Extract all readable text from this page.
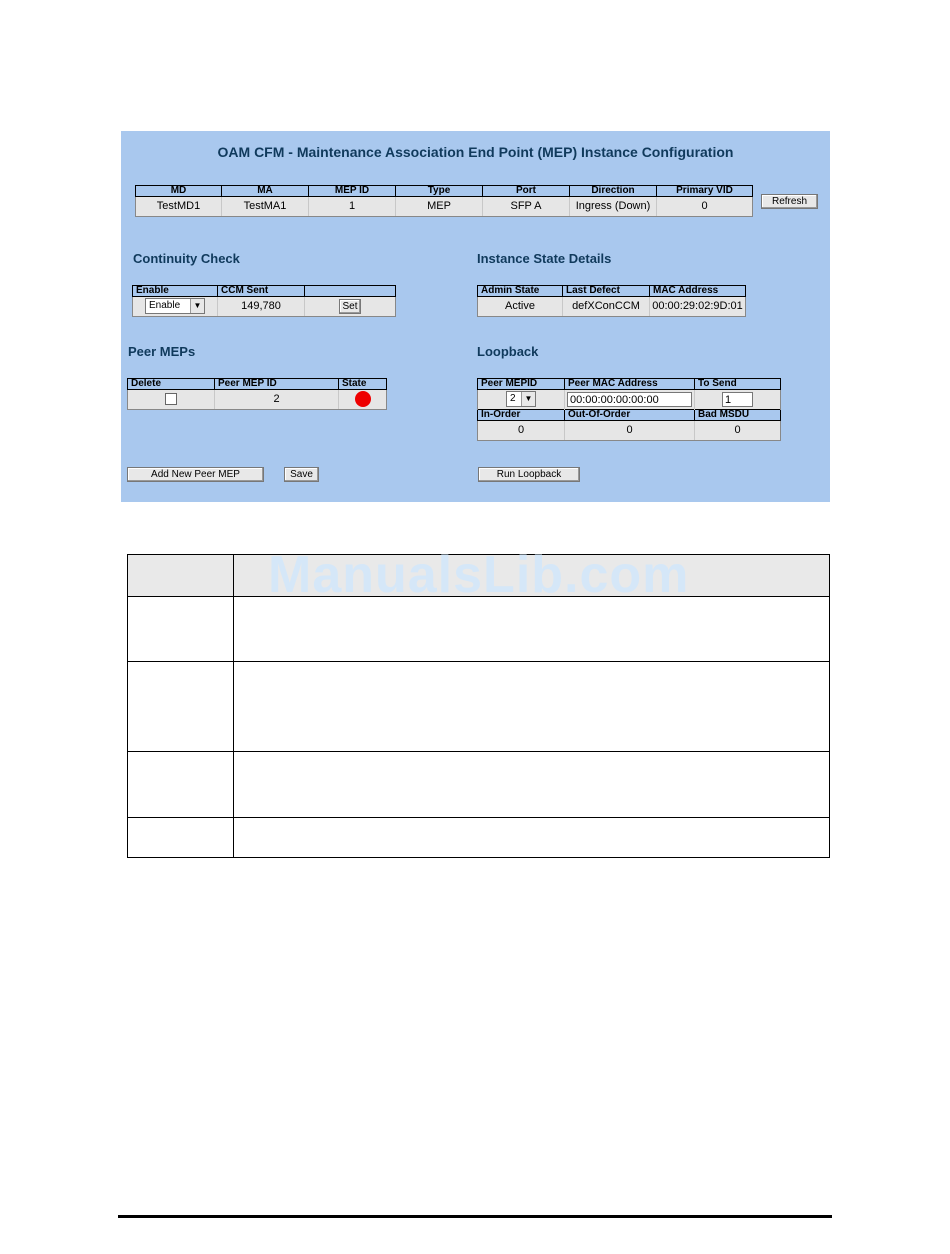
OAM CFM - Maintenance Association End Point (MEP) Instance Configuration
MD	MA	MEP ID	Type	Port	Direction	Primary VID
TestMD1	TestMA1	1	MEP	SFP A	Ingress (Down)	0	Refresh
Continuity Check
Enable	CCM Sent	
Enable ▼	149,780	Set
Instance State Details
Admin State	Last Defect	MAC Address
Active	defXConCCM	00:00:29:02:9D:01
Peer MEPs
Delete	Peer MEP ID	State
	2	
Loopback
Peer MEPID	Peer MAC Address	To Send
2 ▼	00:00:00:00:00:00	1
In-Order	Out-Of-Order	Bad MSDU
0	0	0
Add New Peer MEP	Save	Run Loopback
ManualsLib.com
